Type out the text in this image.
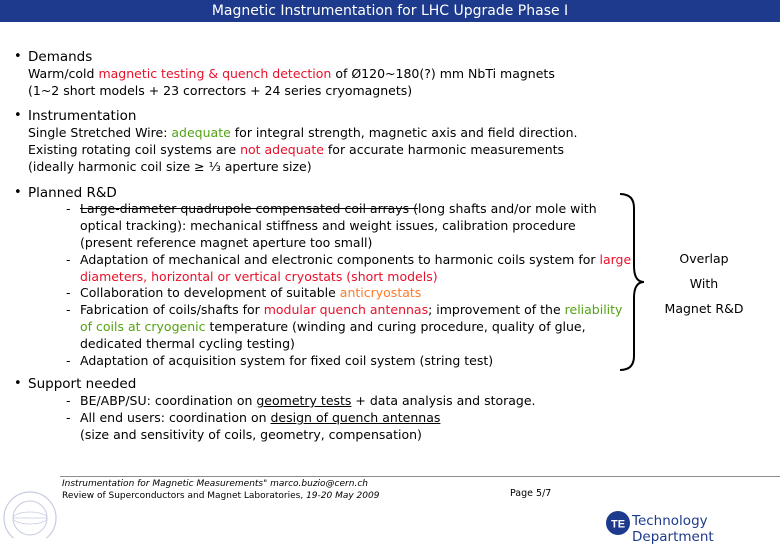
Magnetic Instrumentation for LHC Upgrade Phase I
• Demands
Warm/cold magnetic testing & quench detection of Ø120~180(?) mm NbTi magnets
(1~2 short models + 23 correctors + 24 series cryomagnets)
• Instrumentation
Single Stretched Wire: adequate for integral strength, magnetic axis and field direction.
Existing rotating coil systems are not adequate for accurate harmonic measurements
(ideally harmonic coil size ≥ ⅓ aperture size)
• Planned R&D
- Large-diameter quadrupole compensated coil arrays (long shafts and/or mole with
optical tracking): mechanical stiffness and weight issues, calibration procedure
(present reference magnet aperture too small)
- Adaptation of mechanical and electronic components to harmonic coils system for large
diameters, horizontal or vertical cryostats (short models)
- Collaboration to development of suitable anticryostats
- Fabrication of coils/shafts for modular quench antennas; improvement of the reliability
of coils at cryogenic temperature (winding and curing procedure, quality of glue,
dedicated thermal cycling testing)
- Adaptation of acquisition system for fixed coil system (string test)
• Support needed
- BE/ABP/SU: coordination on geometry tests + data analysis and storage.
- All end users: coordination on design of quench antennas
(size and sensitivity of coils, geometry, compensation)
Overlap
With
Magnet R&D
Instrumentation for Magnetic Measurements" marco.buzio@cern.ch
Review of Superconductors and Magnet Laboratories, 19-20 May 2009	Page 5/7
TE Technology Department
